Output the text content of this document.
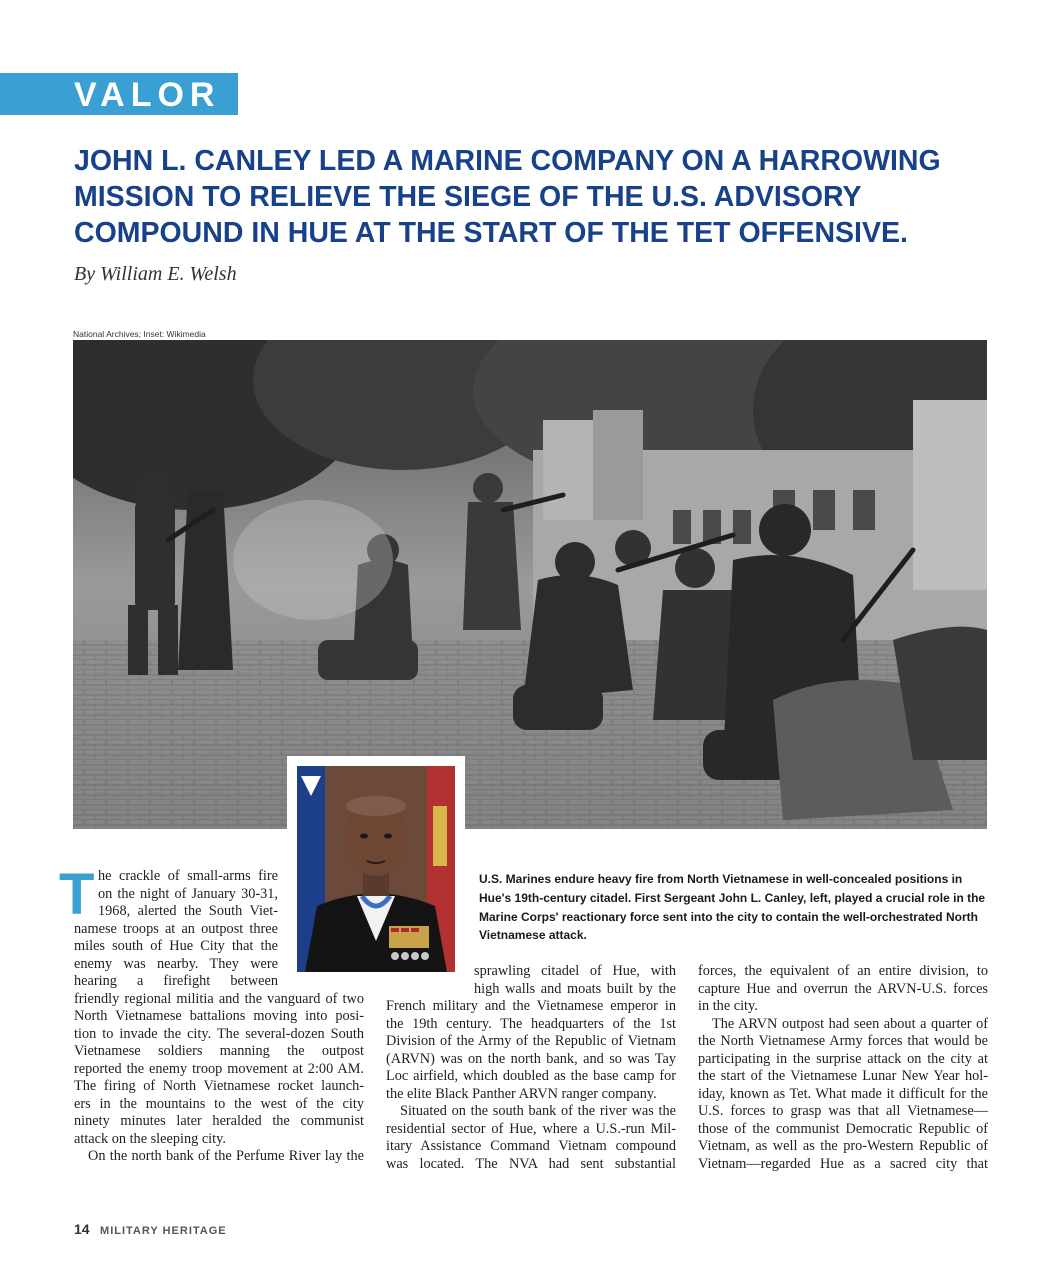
VALOR
JOHN L. CANLEY LED A MARINE COMPANY ON A HARROWING
MISSION TO RELIEVE THE SIEGE OF THE U.S. ADVISORY
COMPOUND IN HUE AT THE START OF THE TET OFFENSIVE.
By William E. Welsh
National Archives; Inset: Wikimedia
U.S. Marines endure heavy fire from North Vietnamese in well-concealed positions in
Hue's 19th-century citadel. First Sergeant John L. Canley, left, played a crucial role in the
Marine Corps' reactionary force sent into the city to contain the well-orchestrated North
Vietnamese attack.
T he crackle of small-arms fire
on the night of January 30-31,
1968, alerted the South Viet-
namese troops at an outpost three
miles south of Hue City that the
enemy was nearby. They were
hearing a firefight between
friendly regional militia and the vanguard of two
North Vietnamese battalions moving into posi-
tion to invade the city. The several-dozen South
Vietnamese soldiers manning the outpost
reported the enemy troop movement at 2:00 AM.
The firing of North Vietnamese rocket launch-
ers in the mountains to the west of the city
ninety minutes later heralded the communist
attack on the sleeping city.
On the north bank of the Perfume River lay the
sprawling citadel of Hue, with
high walls and moats built by the
French military and the Vietnamese emperor in
the 19th century. The headquarters of the 1st
Division of the Army of the Republic of Vietnam
(ARVN) was on the north bank, and so was Tay
Loc airfield, which doubled as the base camp for
the elite Black Panther ARVN ranger company.
Situated on the south bank of the river was the
residential sector of Hue, where a U.S.-run Mil-
itary Assistance Command Vietnam compound
was located. The NVA had sent substantial
forces, the equivalent of an entire division, to
capture Hue and overrun the ARVN-U.S. forces
in the city.
The ARVN outpost had seen about a quarter of
the North Vietnamese Army forces that would be
participating in the surprise attack on the city at
the start of the Vietnamese Lunar New Year hol-
iday, known as Tet. What made it difficult for the
U.S. forces to grasp was that all Vietnamese—
those of the communist Democratic Republic of
Vietnam, as well as the pro-Western Republic of
Vietnam—regarded Hue as a sacred city that
14 MILITARY HERITAGE
